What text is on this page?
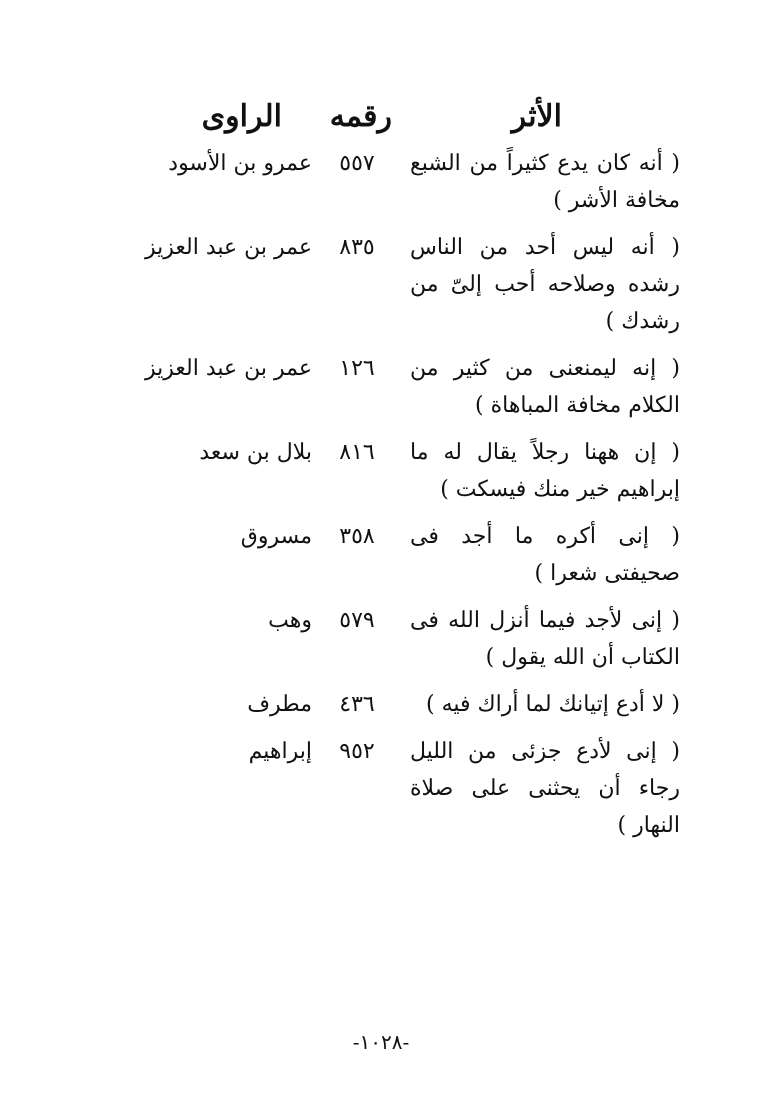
الأثر
رقمه
الراوى
( أنه كان يدع كثيراً من الشبع مخافة الأشر )
٥٥٧
عمرو بن الأسود
( أنه ليس أحد من الناس رشده وصلاحه أحب إلىّ من رشدك )
٨٣٥
عمر بن عبد العزيز
( إنه ليمنعنى من كثير من الكلام مخافة المباهاة )
١٢٦
عمر بن عبد العزيز
( إن ههنا رجلاً يقال له ما إبراهيم خير منك فيسكت )
٨١٦
بلال بن سعد
( إنى أكره ما أجد فى صحيفتى شعرا )
٣٥٨
مسروق
( إنى لأجد فيما أنزل الله فى الكتاب أن الله يقول )
٥٧٩
وهب
( لا أدع إتيانك لما أراك فيه )
٤٣٦
مطرف
( إنى لأدع جزئى من الليل رجاء أن يحثنى على صلاة النهار )
٩٥٢
إبراهيم
-١٠٢٨-
